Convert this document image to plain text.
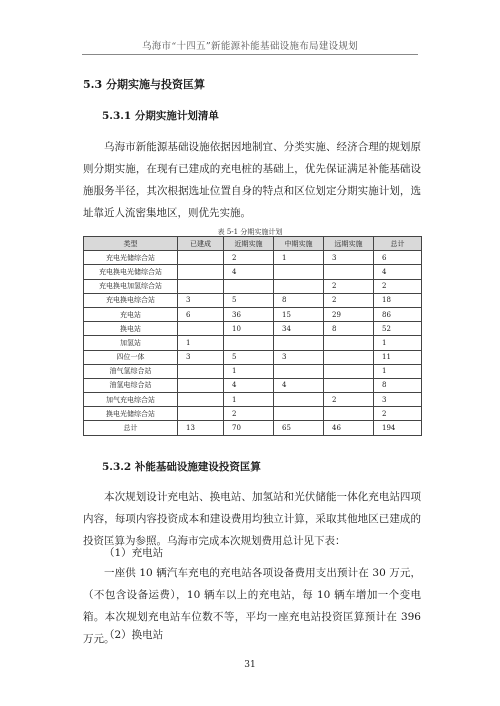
乌海市“十四五”新能源补能基础设施布局建设规划
5.3 分期实施与投资匡算
5.3.1 分期实施计划清单

乌海市新能源基础设施依据因地制宜、分类实施、经济合理的规划原则分期实施，在现有已建成的充电桩的基础上，优先保证满足补能基础设施服务半径，其次根据选址位置自身的特点和区位划定分期实施计划，选址靠近人流密集地区，则优先实施。

表 5-1 分期实施计划
类型	已建成	近期实施	中期实施	远期实施	总计
充电光储综合站		2	1	3	6
充电换电光储综合站		4			4
充电换电加氢综合站				2	2
充电换电综合站	3	5	8	2	18
充电站	6	36	15	29	86
换电站		10	34	8	52
加氢站	1				1
四位一体	3	5	3		11
油气氢综合站		1			1
油氢电综合站		4	4		8
加气充电综合站		1		2	3
换电光储综合站		2			2
总计	13	70	65	46	194
5.3.2 补能基础设施建设投资匡算

本次规划设计充电站、换电站、加氢站和光伏储能一体化充电站四项内容，每项内容投资成本和建设费用均独立计算，采取其他地区已建成的投资匡算为参照。乌海市完成本次规划费用总计见下表：

（1）充电站

一座供 10 辆汽车充电的充电站各项设备费用支出预计在 30 万元，（不包含设备运费），10 辆车以上的充电站，每 10 辆车增加一个变电箱。本次规划充电站车位数不等，平均一座充电站投资匡算预计在 396 万元。

（2）换电站
31
